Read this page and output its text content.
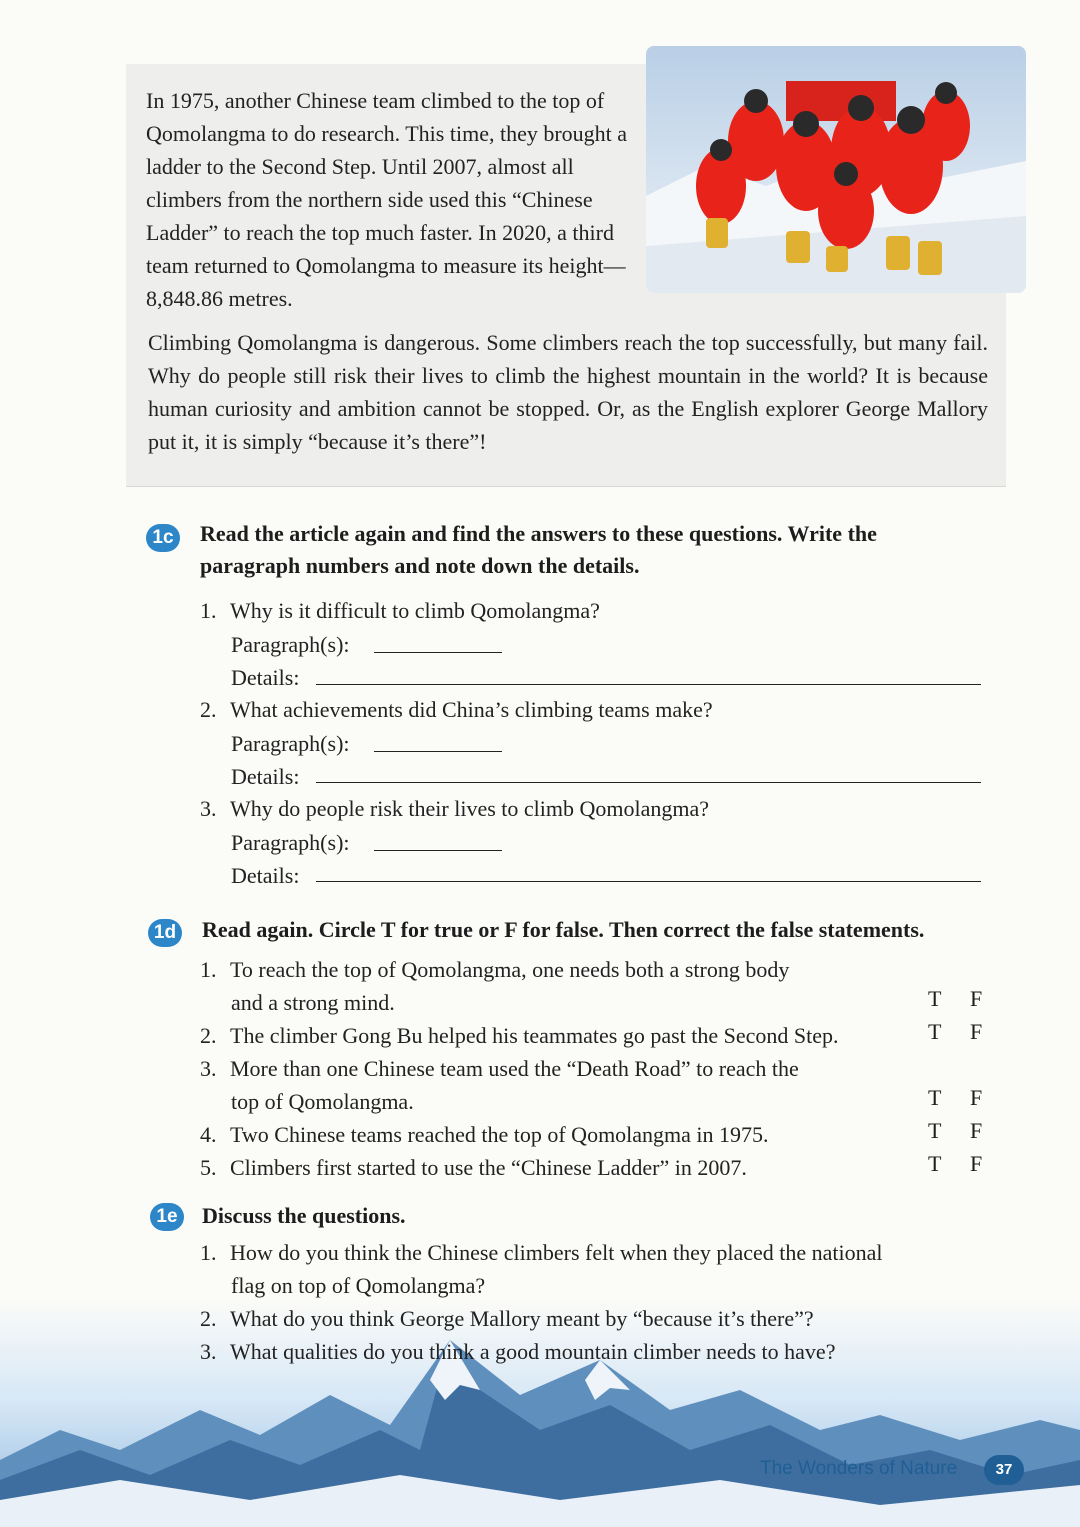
In 1975, another Chinese team climbed to the top of Qomolangma to do research. This time, they brought a ladder to the Second Step. Until 2007, almost all climbers from the northern side used this “Chinese Ladder” to reach the top much faster. In 2020, a third team returned to Qomolangma to measure its height—8,848.86 metres.

Climbing Qomolangma is dangerous. Some climbers reach the top successfully, but many fail. Why do people still risk their lives to climb the highest mountain in the world? It is because human curiosity and ambition cannot be stopped. Or, as the English explorer George Mallory put it, it is simply “because it’s there”!

1c Read the article again and find the answers to these questions. Write the paragraph numbers and note down the details.

1. Why is it difficult to climb Qomolangma?
Paragraph(s):
Details:
2. What achievements did China’s climbing teams make?
Paragraph(s):
Details:
3. Why do people risk their lives to climb Qomolangma?
Paragraph(s):
Details:
1d Read again. Circle T for true or F for false. Then correct the false statements.

1. To reach the top of Qomolangma, one needs both a strong body
and a strong mind.	T F
2. The climber Gong Bu helped his teammates go past the Second Step.	T F
3. More than one Chinese team used the “Death Road” to reach the
top of Qomolangma.	T F
4. Two Chinese teams reached the top of Qomolangma in 1975.	T F
5. Climbers first started to use the “Chinese Ladder” in 2007.	T F
1e Discuss the questions.

1. How do you think the Chinese climbers felt when they placed the national
flag on top of Qomolangma?
2. What do you think George Mallory meant by “because it’s there”?
3. What qualities do you think a good mountain climber needs to have?
The Wonders of Nature	37
